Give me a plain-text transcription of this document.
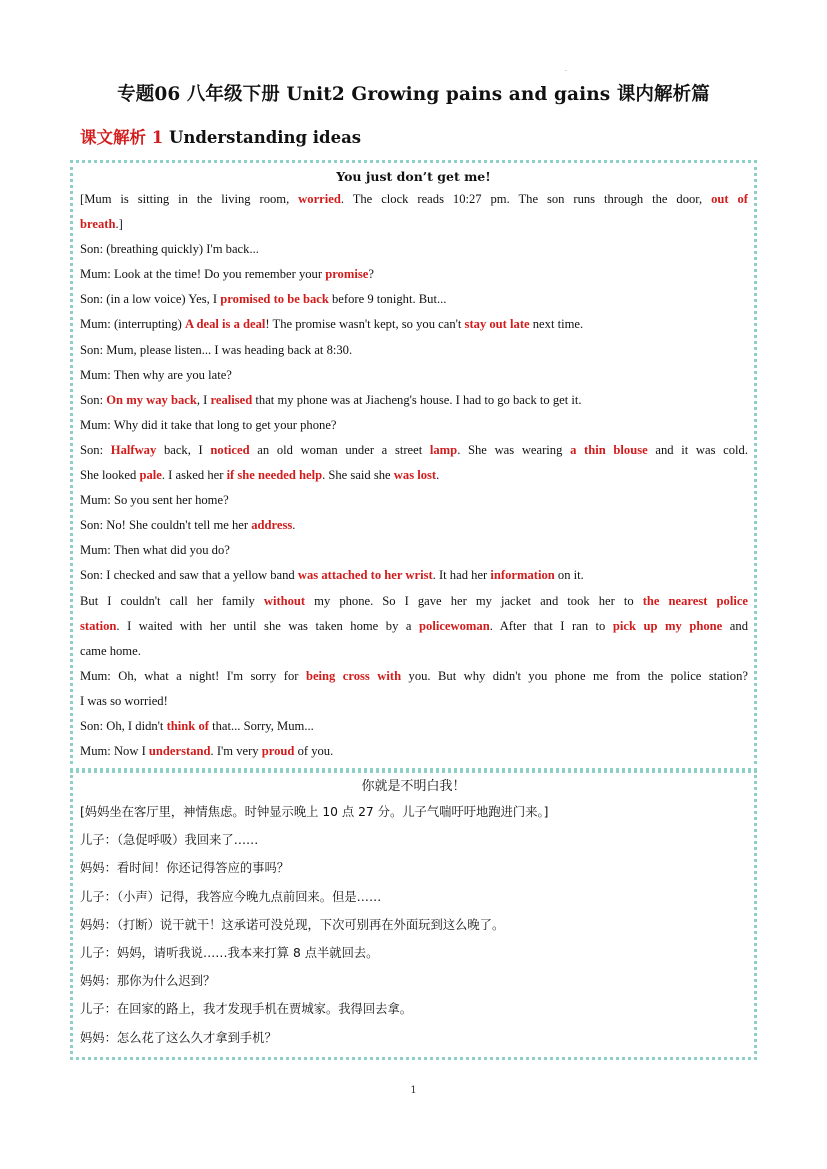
.
专题06 八年级下册 Unit2 Growing pains and gains 课内解析篇
课文解析 1 Understanding ideas
You just don’t get me!
[Mum is sitting in the living room, worried. The clock reads 10:27 pm. The son runs through the door, out of
breath.]
Son: (breathing quickly) I'm back...
Mum: Look at the time! Do you remember your promise?
Son: (in a low voice) Yes, I promised to be back before 9 tonight. But...
Mum: (interrupting) A deal is a deal! The promise wasn't kept, so you can't stay out late next time.
Son: Mum, please listen... I was heading back at 8:30.
Mum: Then why are you late?
Son: On my way back, I realised that my phone was at Jiacheng's house. I had to go back to get it.
Mum: Why did it take that long to get your phone?
Son: Halfway back, I noticed an old woman under a street lamp. She was wearing a thin blouse and it was cold.
She looked pale. I asked her if she needed help. She said she was lost.
Mum: So you sent her home?
Son: No! She couldn't tell me her address.
Mum: Then what did you do?
Son: I checked and saw that a yellow band was attached to her wrist. It had her information on it.
But I couldn't call her family without my phone. So I gave her my jacket and took her to the nearest police
station. I waited with her until she was taken home by a policewoman. After that I ran to pick up my phone and
came home.
Mum: Oh, what a night! I'm sorry for being cross with you. But why didn't you phone me from the police station?
I was so worried!
Son: Oh, I didn't think of that... Sorry, Mum...
Mum: Now I understand. I'm very proud of you.
你就是不明白我！
[妈妈坐在客厅里，神情焦虑。时钟显示晚上 10 点 27 分。儿子气喘吁吁地跑进门来。]
儿子：（急促呼吸）我回来了……
妈妈：看时间！你还记得答应的事吗？
儿子：（小声）记得，我答应今晚九点前回来。但是……
妈妈：（打断）说干就干！这承诺可没兑现，下次可别再在外面玩到这么晚了。
儿子：妈妈，请听我说……我本来打算 8 点半就回去。
妈妈：那你为什么迟到？
儿子：在回家的路上，我才发现手机在贾城家。我得回去拿。
妈妈：怎么花了这么久才拿到手机？
1
